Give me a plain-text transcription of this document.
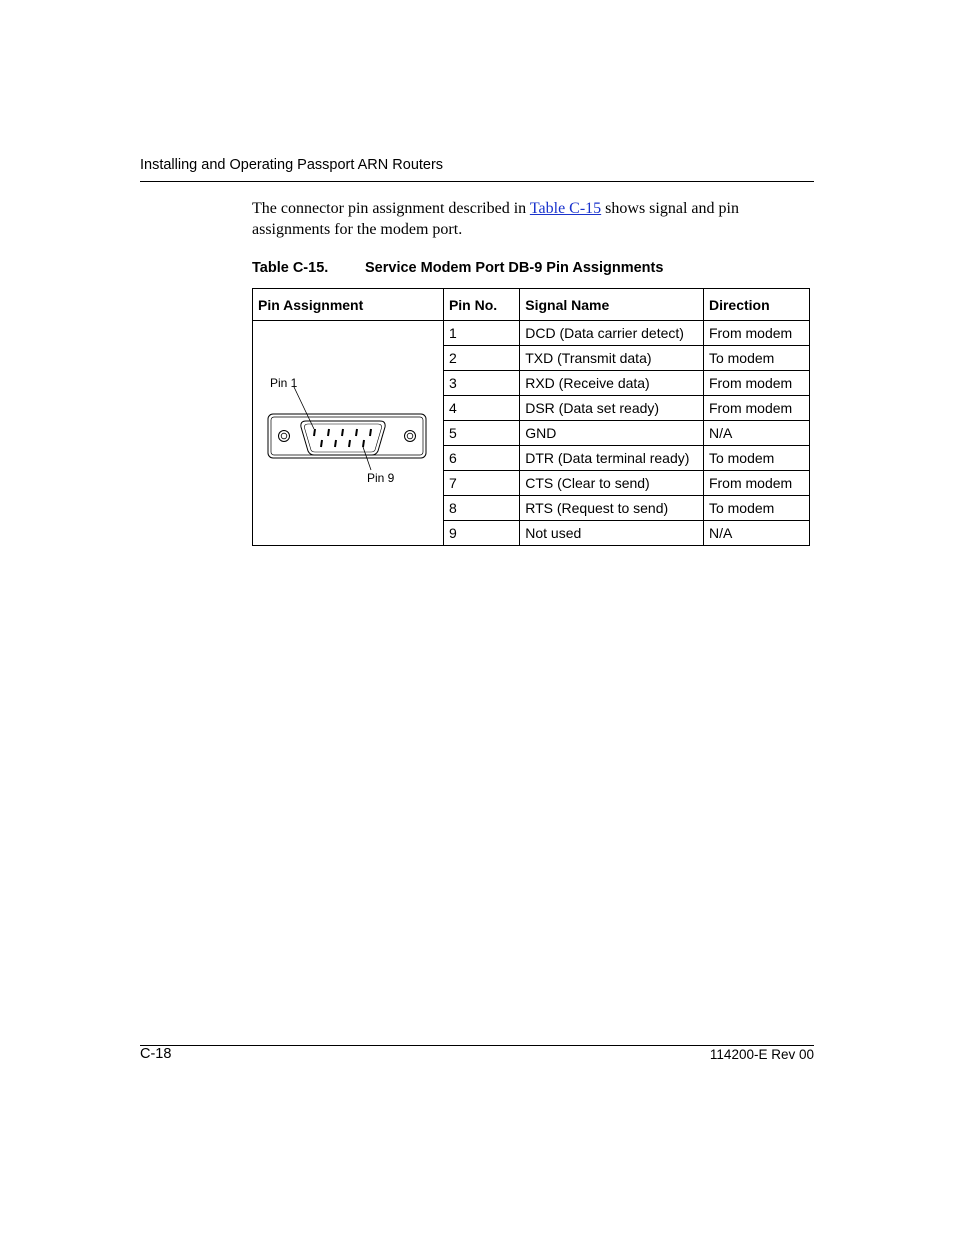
Installing and Operating Passport ARN Routers

The connector pin assignment described in Table C-15 shows signal and pin assignments for the modem port.

Table C-15.	Service Modem Port DB-9 Pin Assignments
Pin Assignment	Pin No.	Signal Name	Direction

Pin 1
Pin 9	1	DCD (Data carrier detect)	From modem
	2	TXD (Transmit data)	To modem
	3	RXD (Receive data)	From modem
	4	DSR (Data set ready)	From modem
	5	GND	N/A
	6	DTR (Data terminal ready)	To modem
	7	CTS (Clear to send)	From modem
	8	RTS (Request to send)	To modem
	9	Not used	N/A
C-18	114200-E Rev 00
